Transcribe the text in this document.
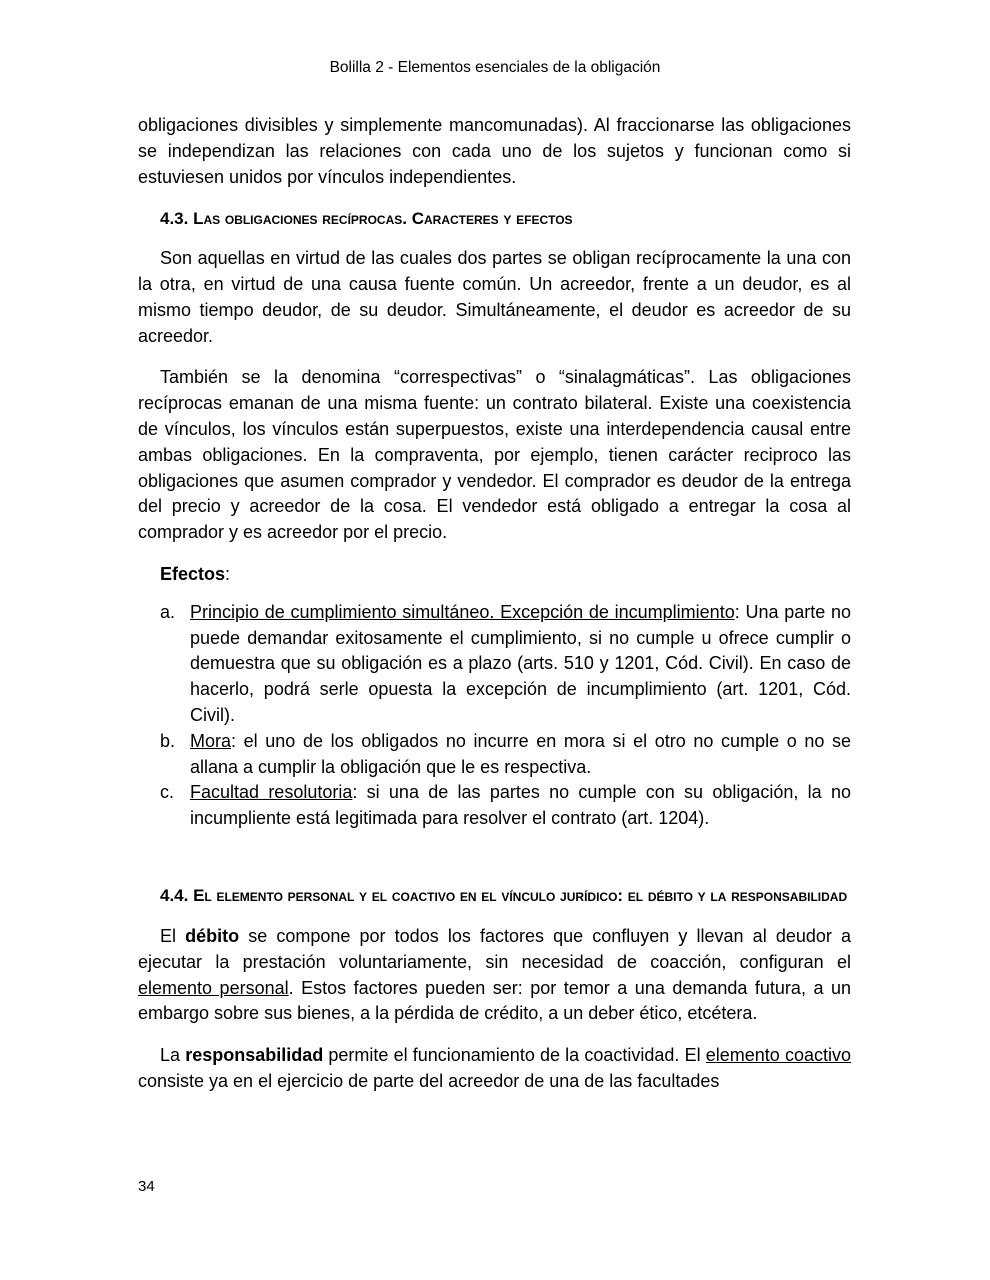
Bolilla 2 - Elementos esenciales de la obligación

obligaciones divisibles y simplemente mancomunadas). Al fraccionarse las obligaciones se independizan las relaciones con cada uno de los sujetos y funcionan como si estuviesen unidos por vínculos independientes.

4.3. Las obligaciones recíprocas. Caracteres y efectos

Son aquellas en virtud de las cuales dos partes se obligan recíprocamente la una con la otra, en virtud de una causa fuente común. Un acreedor, frente a un deudor, es al mismo tiempo deudor, de su deudor. Simultáneamente, el deudor es acreedor de su acreedor.

También se la denomina “correspectivas” o “sinalagmáticas”. Las obligaciones recíprocas emanan de una misma fuente: un contrato bilateral. Existe una coexistencia de vínculos, los vínculos están superpuestos, existe una interdependencia causal entre ambas obligaciones. En la compraventa, por ejemplo, tienen carácter reciproco las obligaciones que asumen comprador y vendedor. El comprador es deudor de la entrega del precio y acreedor de la cosa. El vendedor está obligado a entregar la cosa al comprador y es acreedor por el precio.

Efectos:
a. Principio de cumplimiento simultáneo. Excepción de incumplimiento: Una parte no puede demandar exitosamente el cumplimiento, si no cumple u ofrece cumplir o demuestra que su obligación es a plazo (arts. 510 y 1201, Cód. Civil). En caso de hacerlo, podrá serle opuesta la excepción de incumplimiento (art. 1201, Cód. Civil).
b. Mora: el uno de los obligados no incurre en mora si el otro no cumple o no se allana a cumplir la obligación que le es respectiva.
c. Facultad resolutoria: si una de las partes no cumple con su obligación, la no incumpliente está legitimada para resolver el contrato (art. 1204).
4.4. El elemento personal y el coactivo en el vínculo jurídico: el débito y la responsabilidad

El débito se compone por todos los factores que confluyen y llevan al deudor a ejecutar la prestación voluntariamente, sin necesidad de coacción, configuran el elemento personal. Estos factores pueden ser: por temor a una demanda futura, a un embargo sobre sus bienes, a la pérdida de crédito, a un deber ético, etcétera.

La responsabilidad permite el funcionamiento de la coactividad. El elemento coactivo consiste ya en el ejercicio de parte del acreedor de una de las facultades

34
